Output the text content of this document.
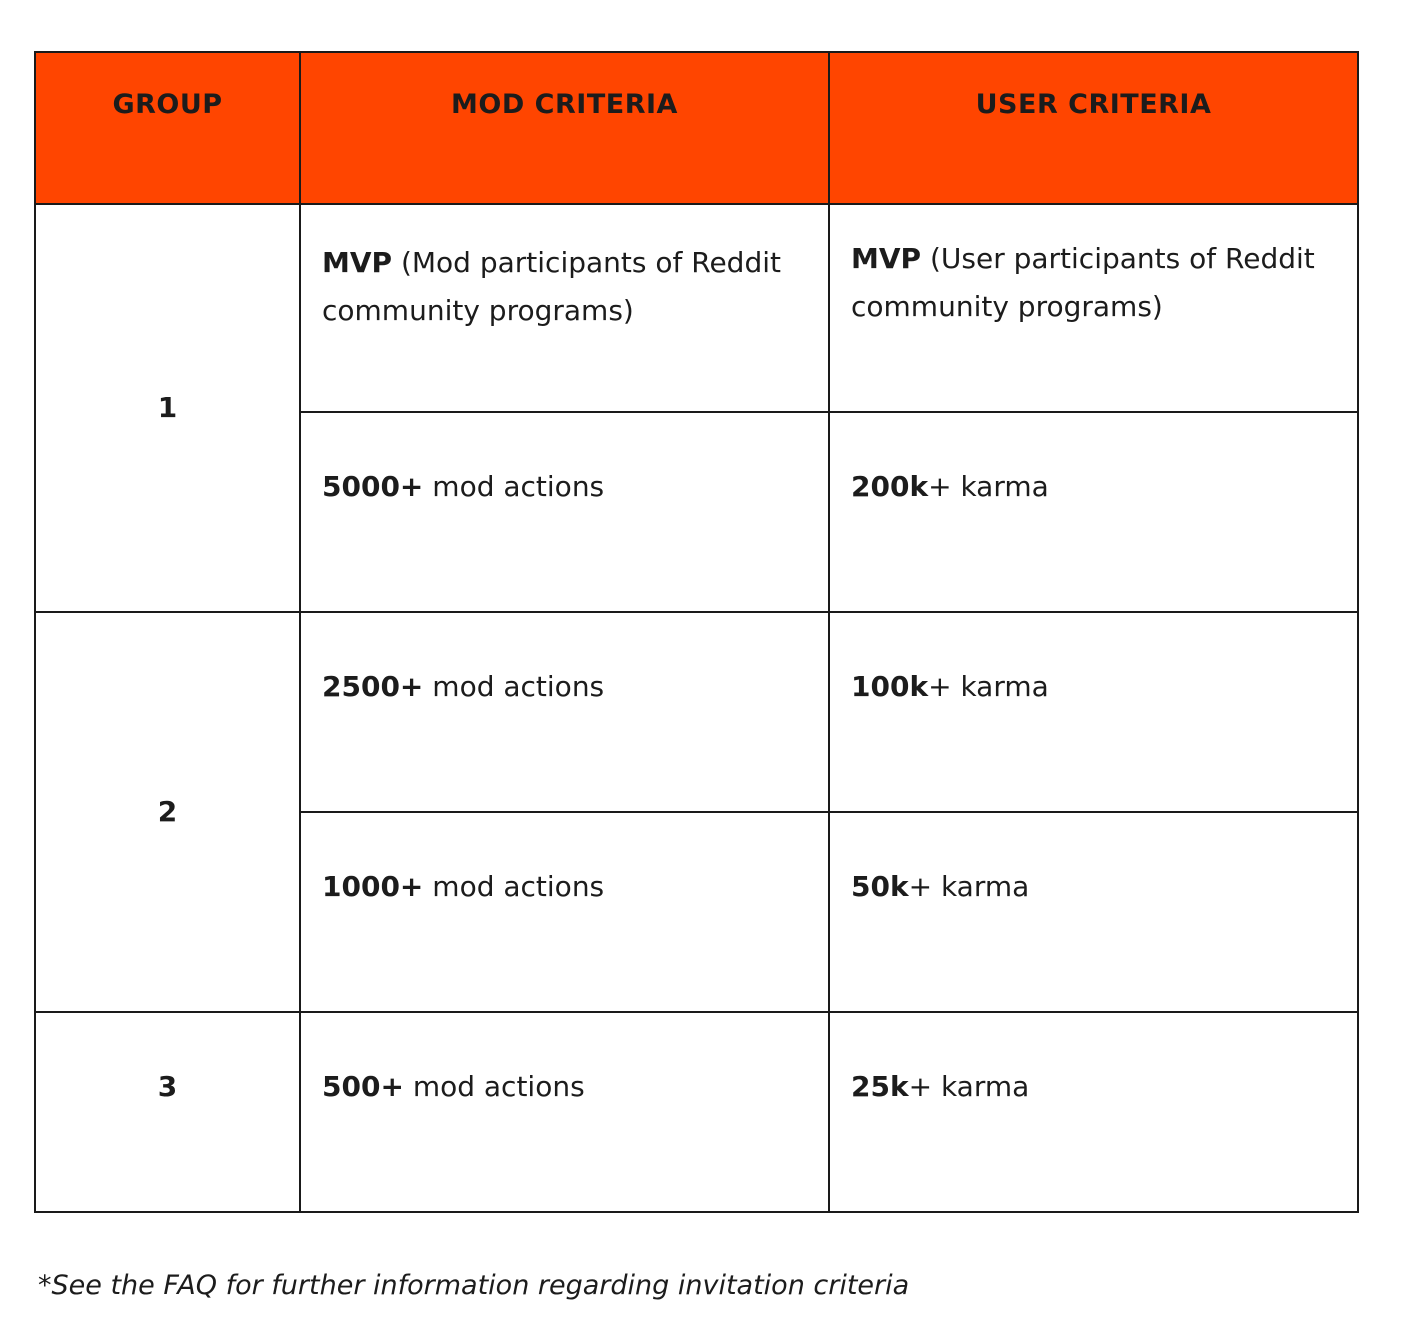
GROUP	MOD CRITERIA	USER CRITERIA
1	MVP (Mod participants of Reddit community programs)	MVP (User participants of Reddit community programs)
	5000+ mod actions	200k+ karma
2	2500+ mod actions	100k+ karma
	1000+ mod actions	50k+ karma
3	500+ mod actions	25k+ karma
*See the FAQ for further information regarding invitation criteria
